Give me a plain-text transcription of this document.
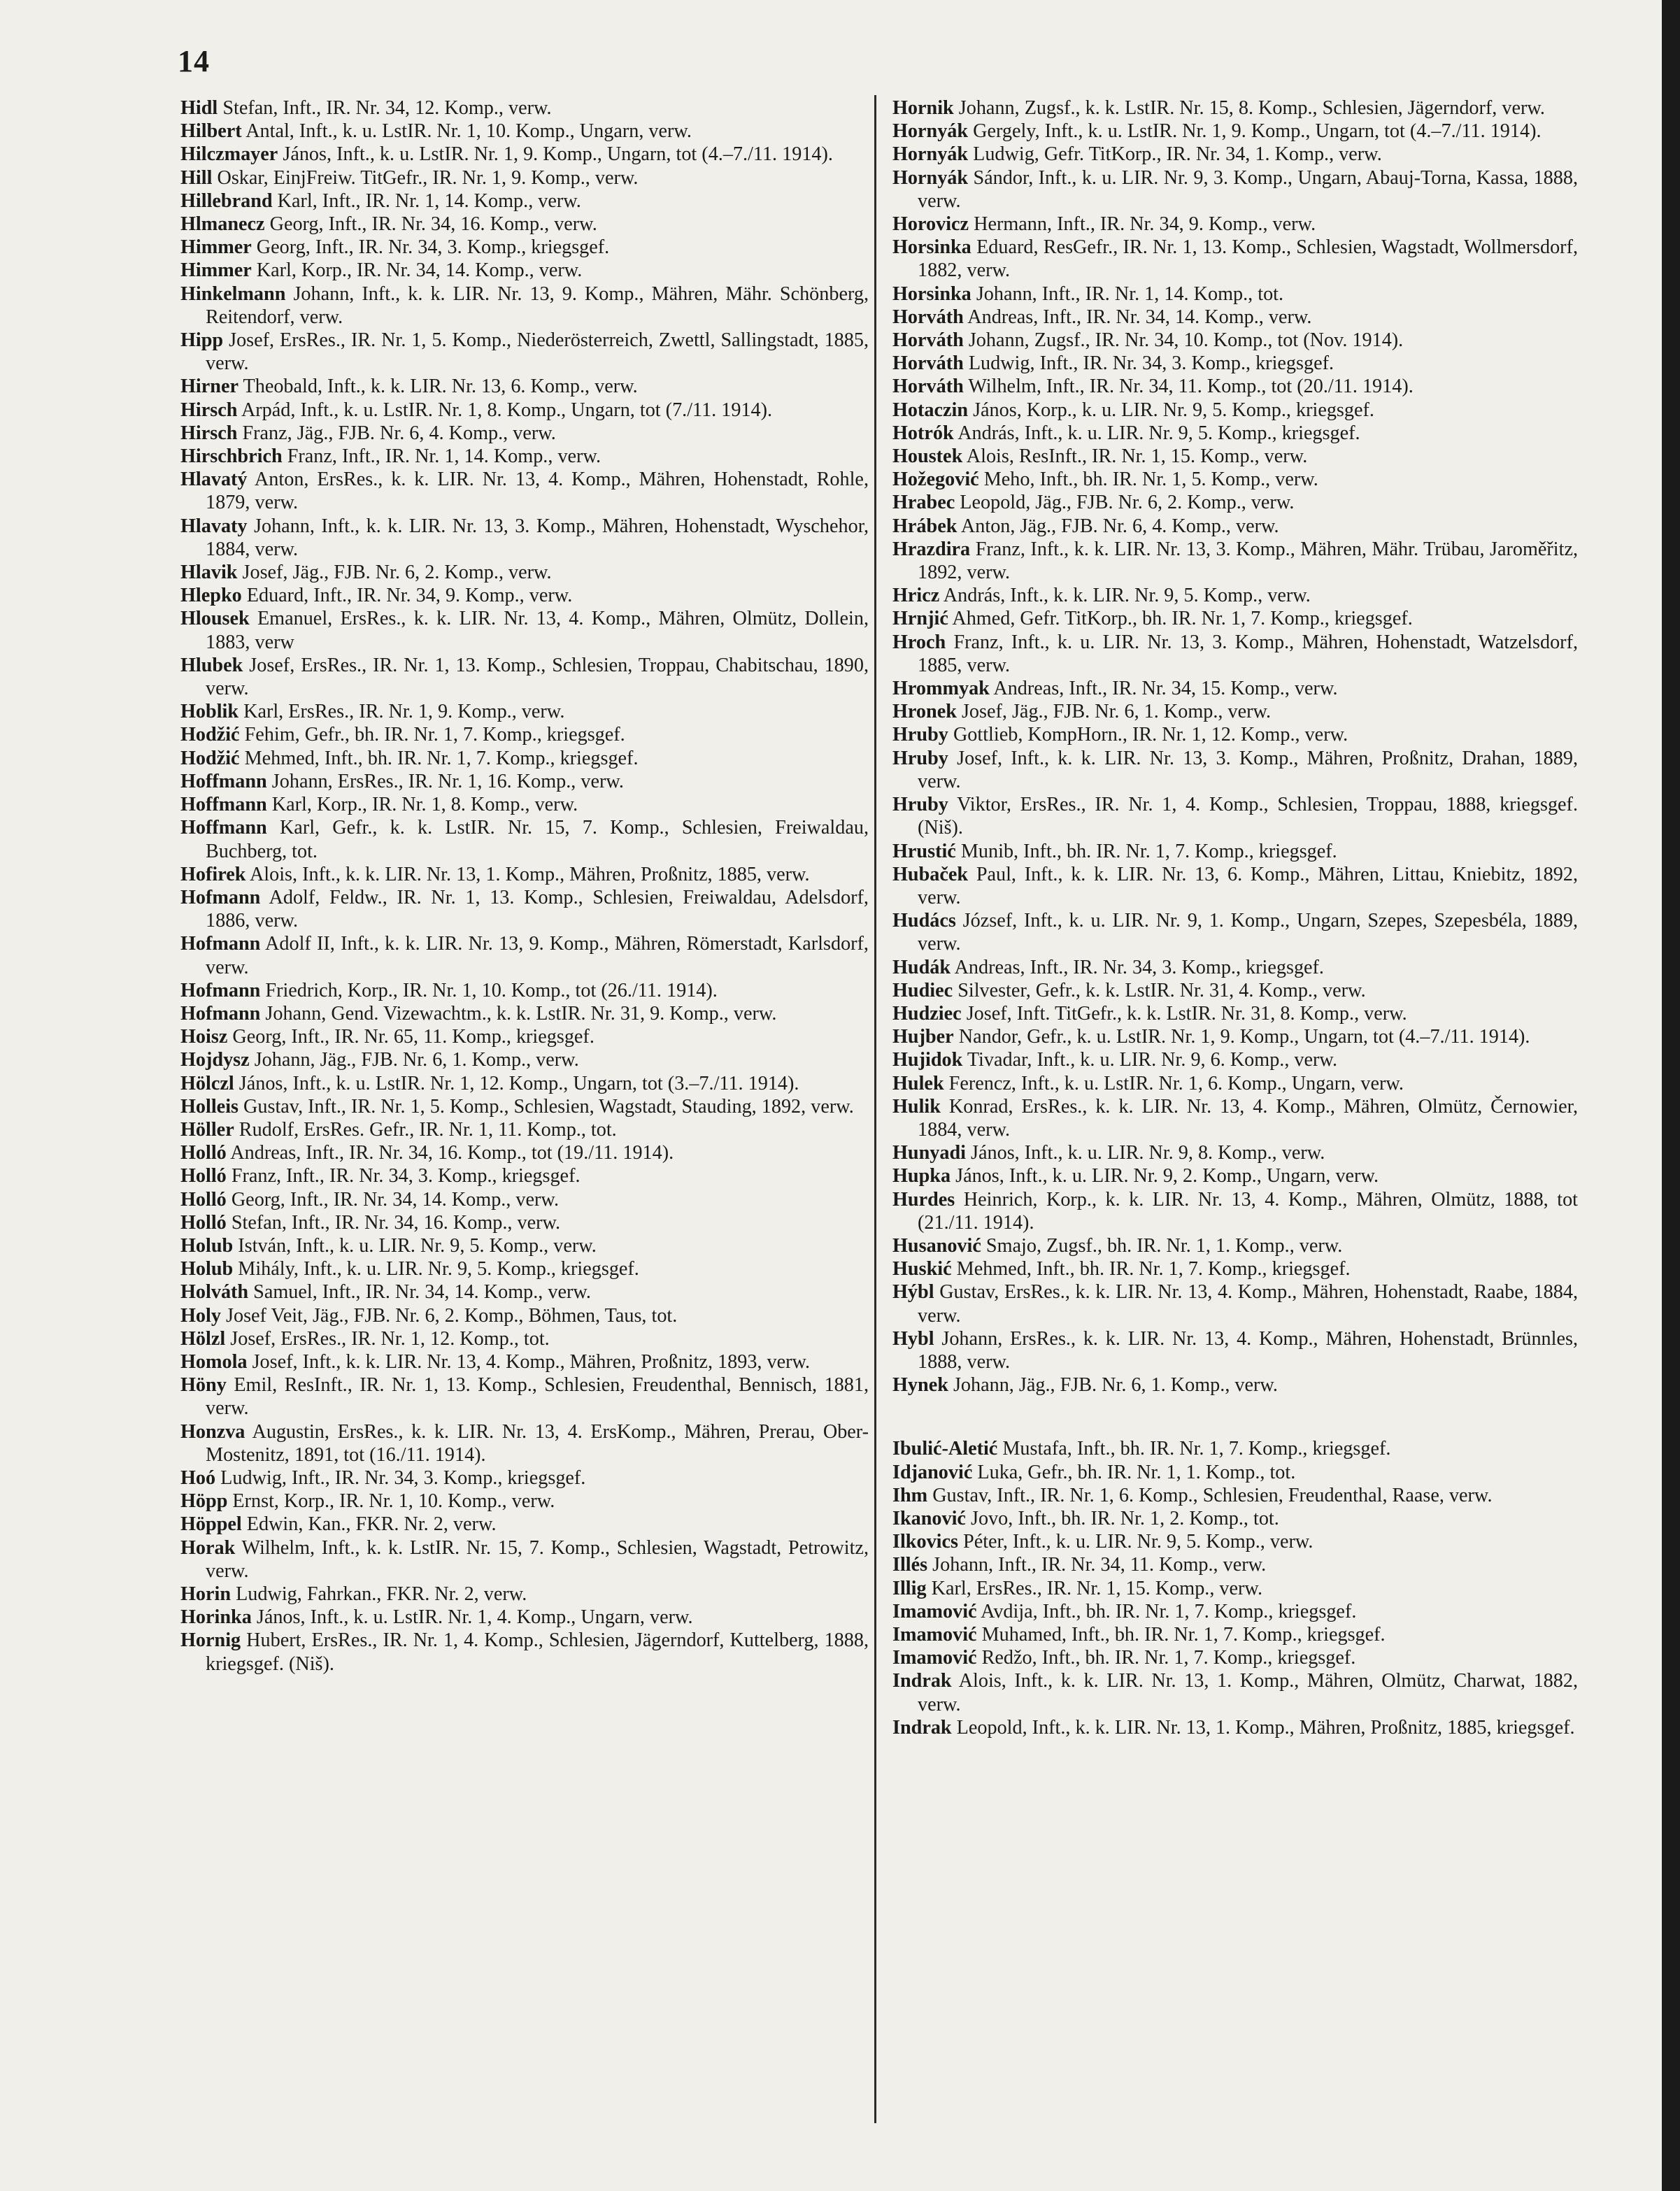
14

Hidl Stefan, Inft., IR. Nr. 34, 12. Komp., verw.

Hilbert Antal, Inft., k. u. LstIR. Nr. 1, 10. Komp., Ungarn, verw.

Hilczmayer János, Inft., k. u. LstIR. Nr. 1, 9. Komp., Ungarn, tot (4.–7./11. 1914).

Hill Oskar, EinjFreiw. TitGefr., IR. Nr. 1, 9. Komp., verw.

Hillebrand Karl, Inft., IR. Nr. 1, 14. Komp., verw.

Hlmanecz Georg, Inft., IR. Nr. 34, 16. Komp., verw.

Himmer Georg, Inft., IR. Nr. 34, 3. Komp., kriegsgef.

Himmer Karl, Korp., IR. Nr. 34, 14. Komp., verw.

Hinkelmann Johann, Inft., k. k. LIR. Nr. 13, 9. Komp., Mähren, Mähr. Schönberg, Reitendorf, verw.

Hipp Josef, ErsRes., IR. Nr. 1, 5. Komp., Niederösterreich, Zwettl, Sallingstadt, 1885, verw.

Hirner Theobald, Inft., k. k. LIR. Nr. 13, 6. Komp., verw.

Hirsch Arpád, Inft., k. u. LstIR. Nr. 1, 8. Komp., Ungarn, tot (7./11. 1914).

Hirsch Franz, Jäg., FJB. Nr. 6, 4. Komp., verw.

Hirschbrich Franz, Inft., IR. Nr. 1, 14. Komp., verw.

Hlavatý Anton, ErsRes., k. k. LIR. Nr. 13, 4. Komp., Mähren, Hohenstadt, Rohle, 1879, verw.

Hlavaty Johann, Inft., k. k. LIR. Nr. 13, 3. Komp., Mähren, Hohenstadt, Wyschehor, 1884, verw.

Hlavik Josef, Jäg., FJB. Nr. 6, 2. Komp., verw.

Hlepko Eduard, Inft., IR. Nr. 34, 9. Komp., verw.

Hlousek Emanuel, ErsRes., k. k. LIR. Nr. 13, 4. Komp., Mähren, Olmütz, Dollein, 1883, verw

Hlubek Josef, ErsRes., IR. Nr. 1, 13. Komp., Schlesien, Troppau, Chabitschau, 1890, verw.

Hoblik Karl, ErsRes., IR. Nr. 1, 9. Komp., verw.

Hodžić Fehim, Gefr., bh. IR. Nr. 1, 7. Komp., kriegsgef.

Hodžić Mehmed, Inft., bh. IR. Nr. 1, 7. Komp., kriegsgef.

Hoffmann Johann, ErsRes., IR. Nr. 1, 16. Komp., verw.

Hoffmann Karl, Korp., IR. Nr. 1, 8. Komp., verw.

Hoffmann Karl, Gefr., k. k. LstIR. Nr. 15, 7. Komp., Schlesien, Freiwaldau, Buchberg, tot.

Hofirek Alois, Inft., k. k. LIR. Nr. 13, 1. Komp., Mähren, Proßnitz, 1885, verw.

Hofmann Adolf, Feldw., IR. Nr. 1, 13. Komp., Schlesien, Freiwaldau, Adelsdorf, 1886, verw.

Hofmann Adolf II, Inft., k. k. LIR. Nr. 13, 9. Komp., Mähren, Römerstadt, Karlsdorf, verw.

Hofmann Friedrich, Korp., IR. Nr. 1, 10. Komp., tot (26./11. 1914).

Hofmann Johann, Gend. Vizewachtm., k. k. LstIR. Nr. 31, 9. Komp., verw.

Hoisz Georg, Inft., IR. Nr. 65, 11. Komp., kriegsgef.

Hojdysz Johann, Jäg., FJB. Nr. 6, 1. Komp., verw.

Hölczl János, Inft., k. u. LstIR. Nr. 1, 12. Komp., Ungarn, tot (3.–7./11. 1914).

Holleis Gustav, Inft., IR. Nr. 1, 5. Komp., Schlesien, Wagstadt, Stauding, 1892, verw.

Höller Rudolf, ErsRes. Gefr., IR. Nr. 1, 11. Komp., tot.

Holló Andreas, Inft., IR. Nr. 34, 16. Komp., tot (19./11. 1914).

Holló Franz, Inft., IR. Nr. 34, 3. Komp., kriegsgef.

Holló Georg, Inft., IR. Nr. 34, 14. Komp., verw.

Holló Stefan, Inft., IR. Nr. 34, 16. Komp., verw.

Holub István, Inft., k. u. LIR. Nr. 9, 5. Komp., verw.

Holub Mihály, Inft., k. u. LIR. Nr. 9, 5. Komp., kriegsgef.

Holváth Samuel, Inft., IR. Nr. 34, 14. Komp., verw.

Holy Josef Veit, Jäg., FJB. Nr. 6, 2. Komp., Böhmen, Taus, tot.

Hölzl Josef, ErsRes., IR. Nr. 1, 12. Komp., tot.

Homola Josef, Inft., k. k. LIR. Nr. 13, 4. Komp., Mähren, Proßnitz, 1893, verw.

Höny Emil, ResInft., IR. Nr. 1, 13. Komp., Schlesien, Freudenthal, Bennisch, 1881, verw.

Honzva Augustin, ErsRes., k. k. LIR. Nr. 13, 4. ErsKomp., Mähren, Prerau, Ober-Mostenitz, 1891, tot (16./11. 1914).

Hoó Ludwig, Inft., IR. Nr. 34, 3. Komp., kriegsgef.

Höpp Ernst, Korp., IR. Nr. 1, 10. Komp., verw.

Höppel Edwin, Kan., FKR. Nr. 2, verw.

Horak Wilhelm, Inft., k. k. LstIR. Nr. 15, 7. Komp., Schlesien, Wagstadt, Petrowitz, verw.

Horin Ludwig, Fahrkan., FKR. Nr. 2, verw.

Horinka János, Inft., k. u. LstIR. Nr. 1, 4. Komp., Ungarn, verw.

Hornig Hubert, ErsRes., IR. Nr. 1, 4. Komp., Schlesien, Jägerndorf, Kuttelberg, 1888, kriegsgef. (Niš).

Hornik Johann, Zugsf., k. k. LstIR. Nr. 15, 8. Komp., Schlesien, Jägerndorf, verw.

Hornyák Gergely, Inft., k. u. LstIR. Nr. 1, 9. Komp., Ungarn, tot (4.–7./11. 1914).

Hornyák Ludwig, Gefr. TitKorp., IR. Nr. 34, 1. Komp., verw.

Hornyák Sándor, Inft., k. u. LIR. Nr. 9, 3. Komp., Ungarn, Abauj-Torna, Kassa, 1888, verw.

Horovicz Hermann, Inft., IR. Nr. 34, 9. Komp., verw.

Horsinka Eduard, ResGefr., IR. Nr. 1, 13. Komp., Schlesien, Wagstadt, Wollmersdorf, 1882, verw.

Horsinka Johann, Inft., IR. Nr. 1, 14. Komp., tot.

Horváth Andreas, Inft., IR. Nr. 34, 14. Komp., verw.

Horváth Johann, Zugsf., IR. Nr. 34, 10. Komp., tot (Nov. 1914).

Horváth Ludwig, Inft., IR. Nr. 34, 3. Komp., kriegsgef.

Horváth Wilhelm, Inft., IR. Nr. 34, 11. Komp., tot (20./11. 1914).

Hotaczin János, Korp., k. u. LIR. Nr. 9, 5. Komp., kriegsgef.

Hotrók András, Inft., k. u. LIR. Nr. 9, 5. Komp., kriegsgef.

Houstek Alois, ResInft., IR. Nr. 1, 15. Komp., verw.

Hožegović Meho, Inft., bh. IR. Nr. 1, 5. Komp., verw.

Hrabec Leopold, Jäg., FJB. Nr. 6, 2. Komp., verw.

Hrábek Anton, Jäg., FJB. Nr. 6, 4. Komp., verw.

Hrazdira Franz, Inft., k. k. LIR. Nr. 13, 3. Komp., Mähren, Mähr. Trübau, Jaroměřitz, 1892, verw.

Hricz András, Inft., k. k. LIR. Nr. 9, 5. Komp., verw.

Hrnjić Ahmed, Gefr. TitKorp., bh. IR. Nr. 1, 7. Komp., kriegsgef.

Hroch Franz, Inft., k. u. LIR. Nr. 13, 3. Komp., Mähren, Hohenstadt, Watzelsdorf, 1885, verw.

Hrommyak Andreas, Inft., IR. Nr. 34, 15. Komp., verw.

Hronek Josef, Jäg., FJB. Nr. 6, 1. Komp., verw.

Hruby Gottlieb, KompHorn., IR. Nr. 1, 12. Komp., verw.

Hruby Josef, Inft., k. k. LIR. Nr. 13, 3. Komp., Mähren, Proßnitz, Drahan, 1889, verw.

Hruby Viktor, ErsRes., IR. Nr. 1, 4. Komp., Schlesien, Troppau, 1888, kriegsgef. (Niš).

Hrustić Munib, Inft., bh. IR. Nr. 1, 7. Komp., kriegsgef.

Hubaček Paul, Inft., k. k. LIR. Nr. 13, 6. Komp., Mähren, Littau, Kniebitz, 1892, verw.

Hudács József, Inft., k. u. LIR. Nr. 9, 1. Komp., Ungarn, Szepes, Szepesbéla, 1889, verw.

Hudák Andreas, Inft., IR. Nr. 34, 3. Komp., kriegsgef.

Hudiec Silvester, Gefr., k. k. LstIR. Nr. 31, 4. Komp., verw.

Hudziec Josef, Inft. TitGefr., k. k. LstIR. Nr. 31, 8. Komp., verw.

Hujber Nandor, Gefr., k. u. LstIR. Nr. 1, 9. Komp., Ungarn, tot (4.–7./11. 1914).

Hujidok Tivadar, Inft., k. u. LIR. Nr. 9, 6. Komp., verw.

Hulek Ferencz, Inft., k. u. LstIR. Nr. 1, 6. Komp., Ungarn, verw.

Hulik Konrad, ErsRes., k. k. LIR. Nr. 13, 4. Komp., Mähren, Olmütz, Černowier, 1884, verw.

Hunyadi János, Inft., k. u. LIR. Nr. 9, 8. Komp., verw.

Hupka János, Inft., k. u. LIR. Nr. 9, 2. Komp., Ungarn, verw.

Hurdes Heinrich, Korp., k. k. LIR. Nr. 13, 4. Komp., Mähren, Olmütz, 1888, tot (21./11. 1914).

Husanović Smajo, Zugsf., bh. IR. Nr. 1, 1. Komp., verw.

Huskić Mehmed, Inft., bh. IR. Nr. 1, 7. Komp., kriegsgef.

Hýbl Gustav, ErsRes., k. k. LIR. Nr. 13, 4. Komp., Mähren, Hohenstadt, Raabe, 1884, verw.

Hybl Johann, ErsRes., k. k. LIR. Nr. 13, 4. Komp., Mähren, Hohenstadt, Brünnles, 1888, verw.

Hynek Johann, Jäg., FJB. Nr. 6, 1. Komp., verw.

Ibulić-Aletić Mustafa, Inft., bh. IR. Nr. 1, 7. Komp., kriegsgef.

Idjanović Luka, Gefr., bh. IR. Nr. 1, 1. Komp., tot.

Ihm Gustav, Inft., IR. Nr. 1, 6. Komp., Schlesien, Freudenthal, Raase, verw.

Ikanović Jovo, Inft., bh. IR. Nr. 1, 2. Komp., tot.

Ilkovics Péter, Inft., k. u. LIR. Nr. 9, 5. Komp., verw.

Illés Johann, Inft., IR. Nr. 34, 11. Komp., verw.

Illig Karl, ErsRes., IR. Nr. 1, 15. Komp., verw.

Imamović Avdija, Inft., bh. IR. Nr. 1, 7. Komp., kriegsgef.

Imamović Muhamed, Inft., bh. IR. Nr. 1, 7. Komp., kriegsgef.

Imamović Redžo, Inft., bh. IR. Nr. 1, 7. Komp., kriegsgef.

Indrak Alois, Inft., k. k. LIR. Nr. 13, 1. Komp., Mähren, Olmütz, Charwat, 1882, verw.

Indrak Leopold, Inft., k. k. LIR. Nr. 13, 1. Komp., Mähren, Proßnitz, 1885, kriegsgef.
